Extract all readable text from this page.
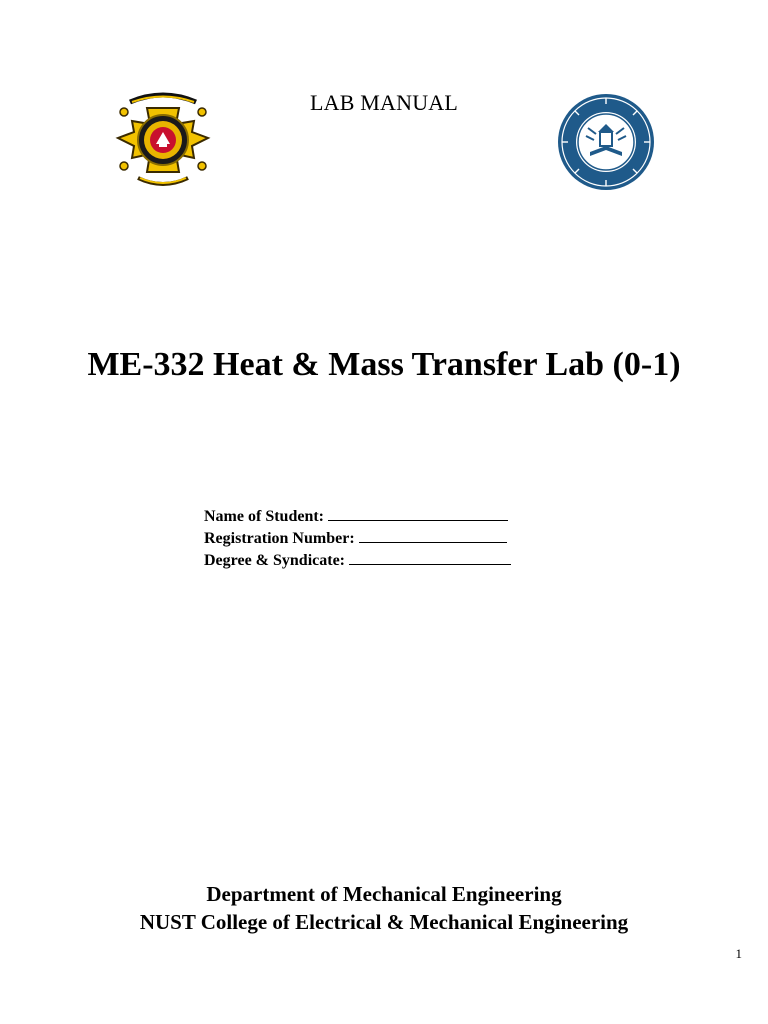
LAB MANUAL
ME-332 Heat & Mass Transfer Lab (0-1)
Name of Student:
Registration Number:
Degree & Syndicate:
Department of Mechanical Engineering
NUST College of Electrical & Mechanical Engineering
1
